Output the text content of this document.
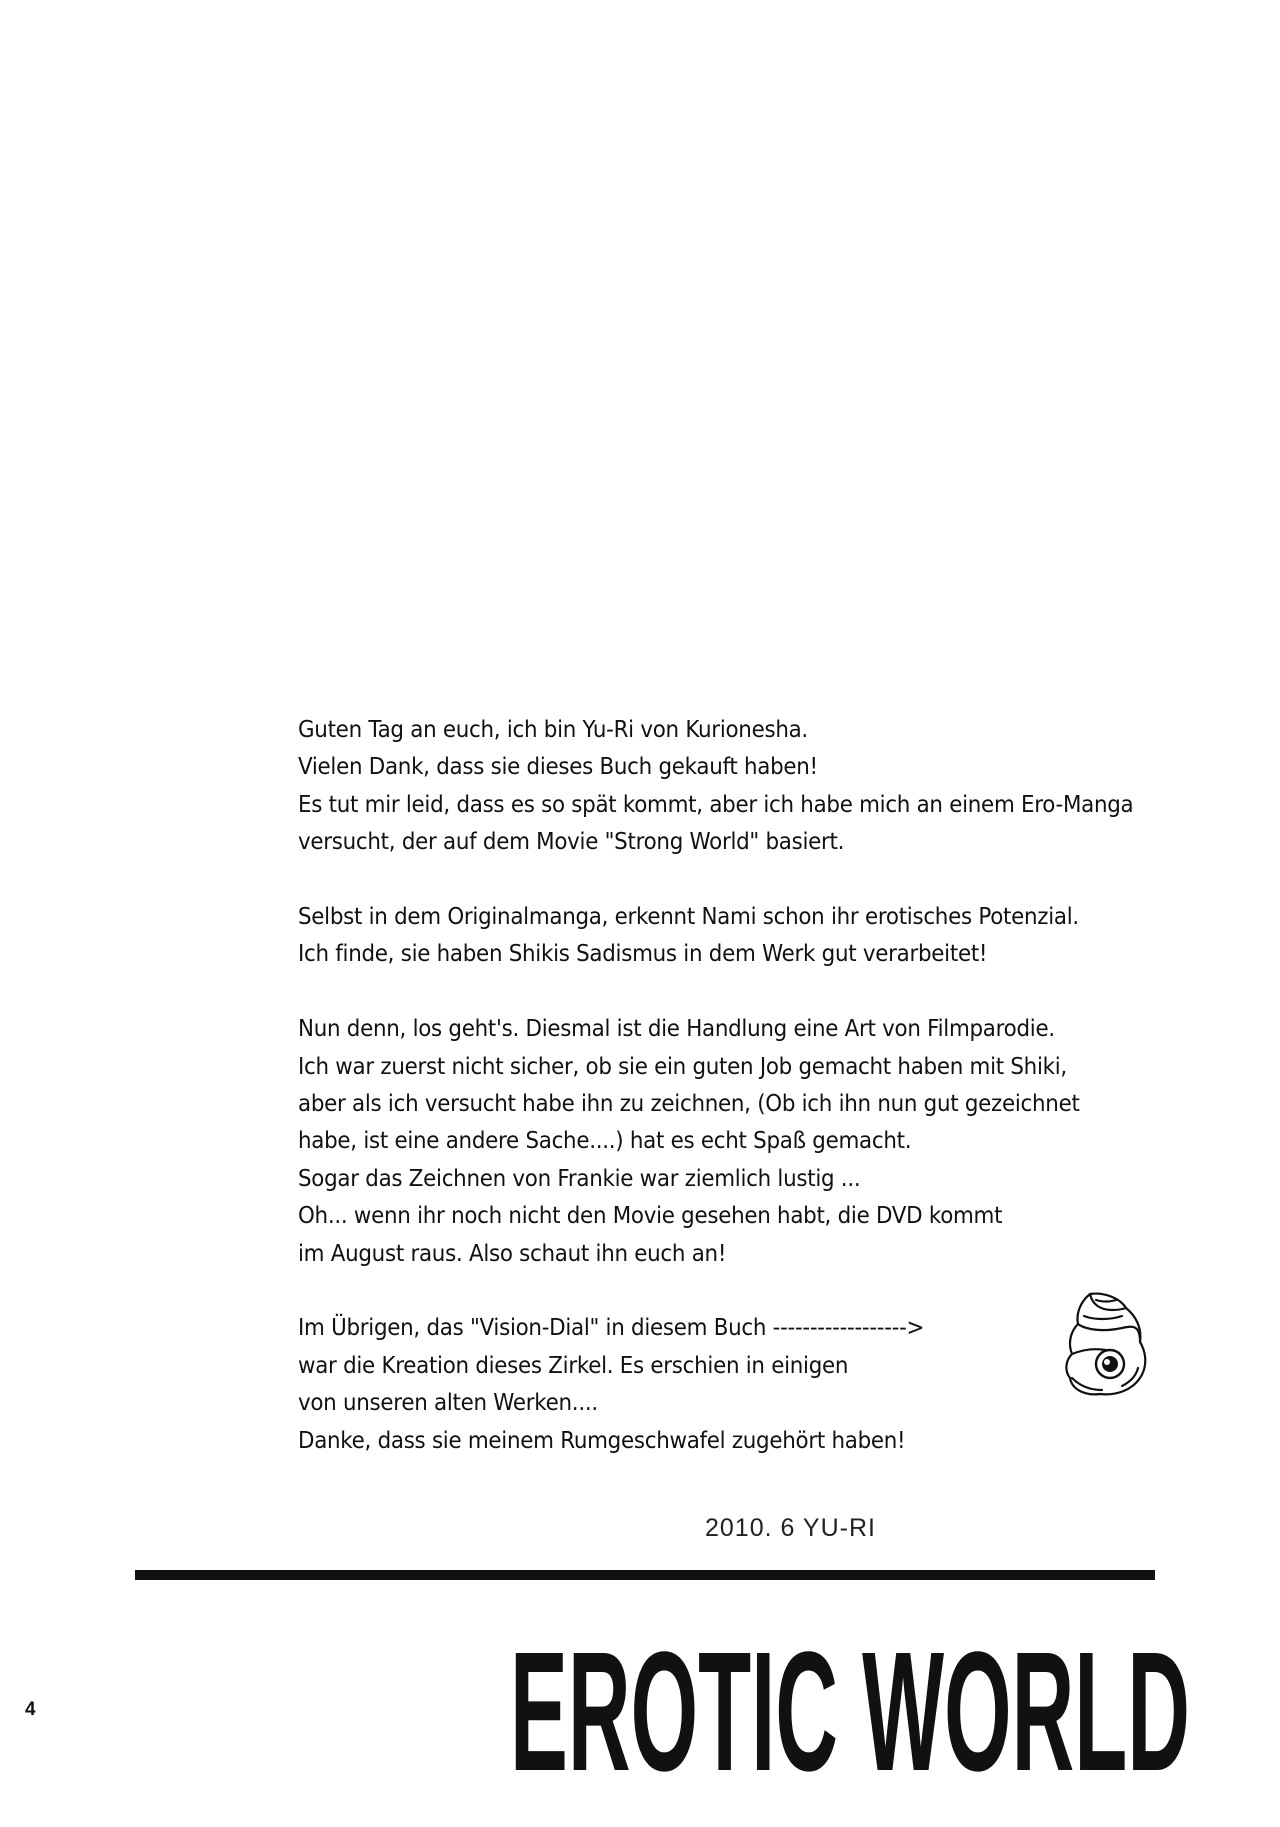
Guten Tag an euch, ich bin Yu-Ri von Kurionesha.
Vielen Dank, dass sie dieses Buch gekauft haben!
Es tut mir leid, dass es so spät kommt, aber ich habe mich an einem Ero-Manga
versucht, der auf dem Movie "Strong World" basiert.
Selbst in dem Originalmanga, erkennt Nami schon ihr erotisches Potenzial.
Ich finde, sie haben Shikis Sadismus in dem Werk gut verarbeitet!
Nun denn, los geht's. Diesmal ist die Handlung eine Art von Filmparodie.
Ich war zuerst nicht sicher, ob sie ein guten Job gemacht haben mit Shiki,
aber als ich versucht habe ihn zu zeichnen, (Ob ich ihn nun gut gezeichnet
habe, ist eine andere Sache....) hat es echt Spaß gemacht.
Sogar das Zeichnen von Frankie war ziemlich lustig ...
Oh... wenn ihr noch nicht den Movie gesehen habt, die DVD kommt
im August raus. Also schaut ihn euch an!
Im Übrigen, das "Vision-Dial" in diesem Buch ------------------>
war die Kreation dieses Zirkel. Es erschien in einigen
von unseren alten Werken....
Danke, dass sie meinem Rumgeschwafel zugehört haben!
2010. 6 YU-RI
EROTIC WORLD
4
